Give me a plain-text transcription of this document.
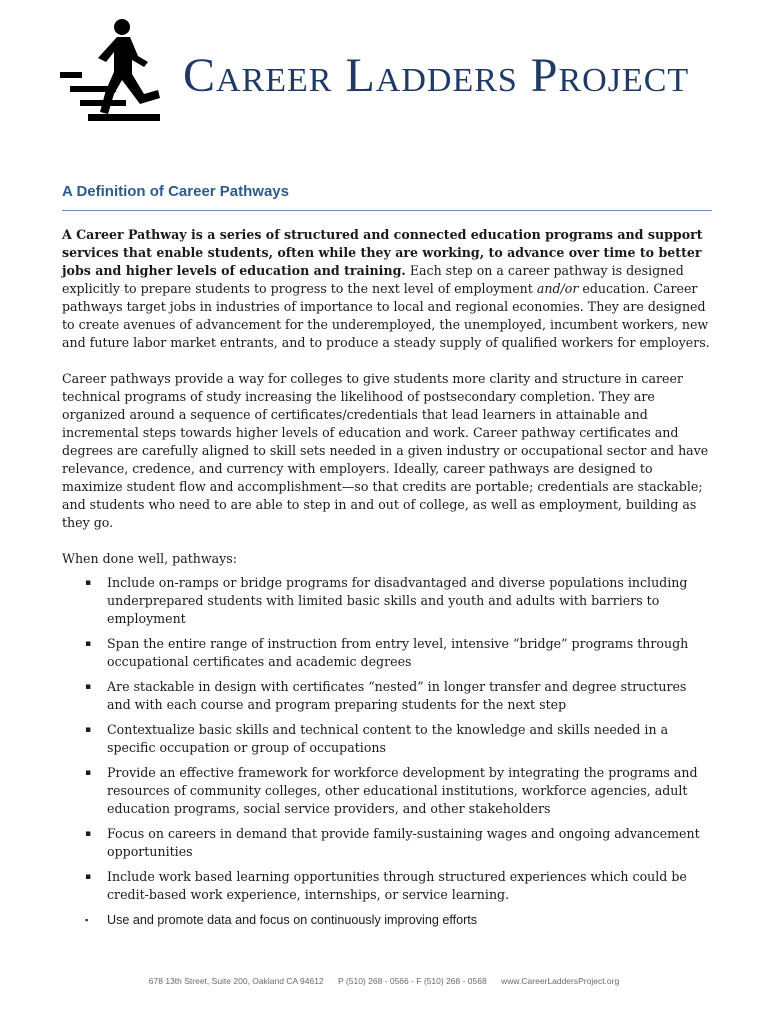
Career Ladders Project
A Definition of Career Pathways

A Career Pathway is a series of structured and connected education programs and support services that enable students, often while they are working, to advance over time to better jobs and higher levels of education and training. Each step on a career pathway is designed explicitly to prepare students to progress to the next level of employment and/or education. Career pathways target jobs in industries of importance to local and regional economies. They are designed to create avenues of advancement for the underemployed, the unemployed, incumbent workers, new and future labor market entrants, and to produce a steady supply of qualified workers for employers.

Career pathways provide a way for colleges to give students more clarity and structure in career technical programs of study increasing the likelihood of postsecondary completion. They are organized around a sequence of certificates/credentials that lead learners in attainable and incremental steps towards higher levels of education and work. Career pathway certificates and degrees are carefully aligned to skill sets needed in a given industry or occupational sector and have relevance, credence, and currency with employers. Ideally, career pathways are designed to maximize student flow and accomplishment—so that credits are portable; credentials are stackable; and students who need to are able to step in and out of college, as well as employment, building as they go.

When done well, pathways:

▪ Include on-ramps or bridge programs for disadvantaged and diverse populations including underprepared students with limited basic skills and youth and adults with barriers to employment
▪ Span the entire range of instruction from entry level, intensive “bridge” programs through occupational certificates and academic degrees
▪ Are stackable in design with certificates “nested” in longer transfer and degree structures and with each course and program preparing students for the next step
▪ Contextualize basic skills and technical content to the knowledge and skills needed in a specific occupation or group of occupations
▪ Provide an effective framework for workforce development by integrating the programs and resources of community colleges, other educational institutions, workforce agencies, adult education programs, social service providers, and other stakeholders
▪ Focus on careers in demand that provide family-sustaining wages and ongoing advancement opportunities
▪ Include work based learning opportunities through structured experiences which could be credit-based work experience, internships, or service learning.
▪ Use and promote data and focus on continuously improving efforts
678 13th Street, Suite 200, Oakland CA 94612 P (510) 268 - 0566 - F (510) 268 - 0568 www.CareerLaddersProject.org
